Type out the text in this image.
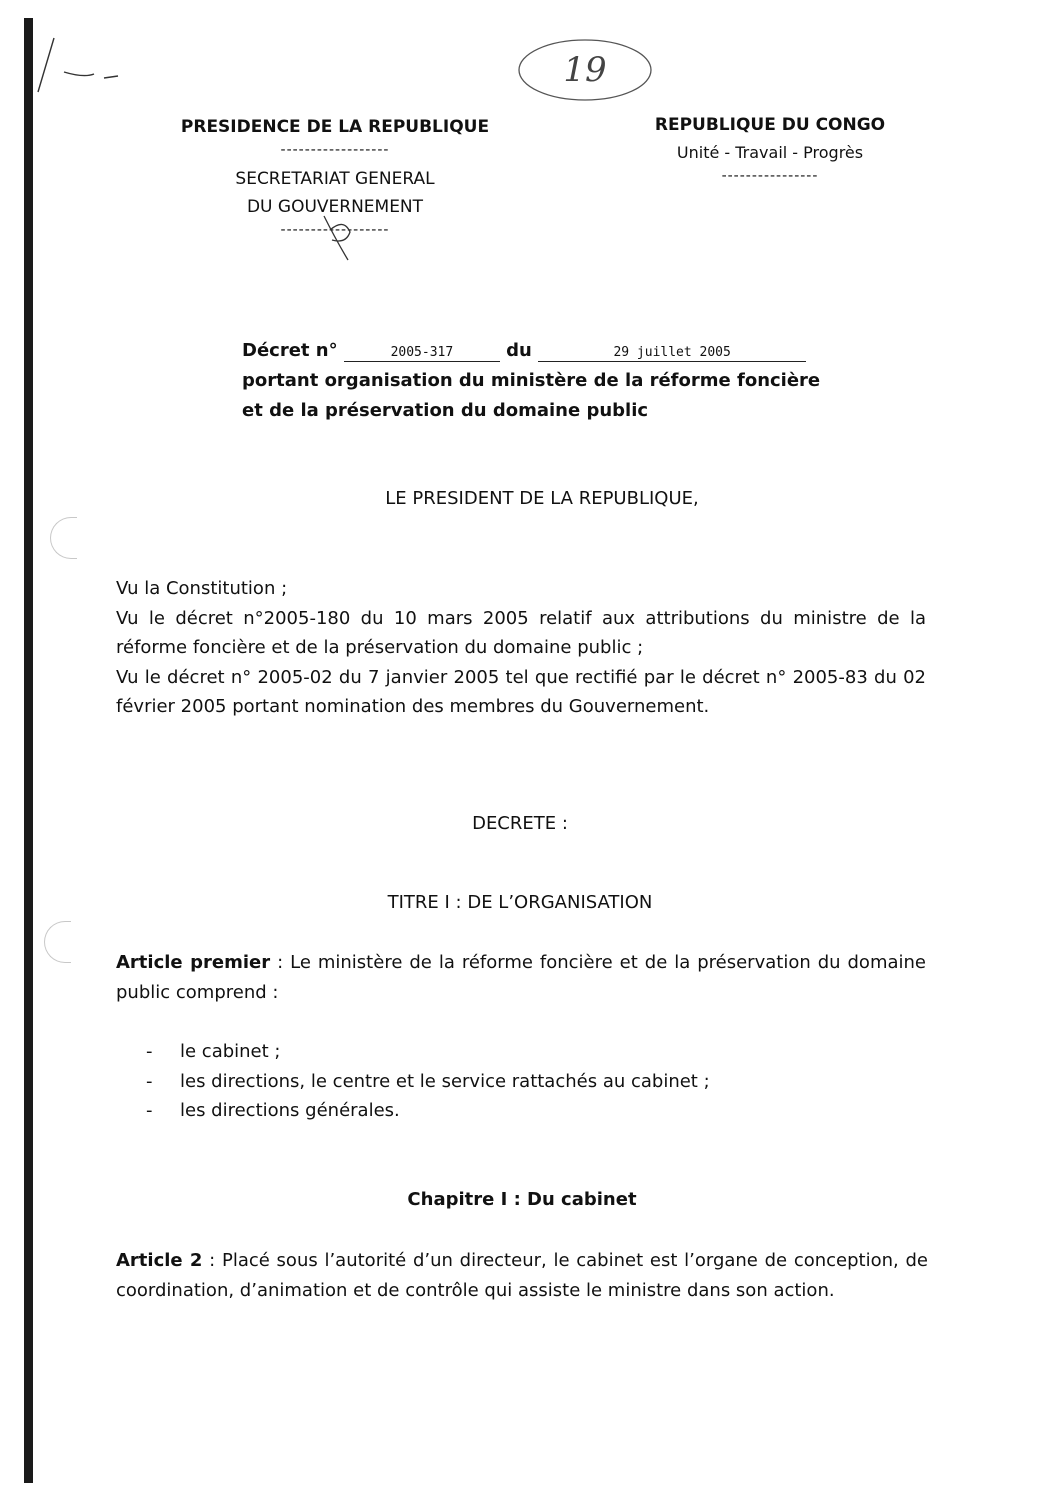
19
PRESIDENCE DE LA REPUBLIQUE
------------------
SECRETARIAT GENERAL
DU GOUVERNEMENT
------------------
REPUBLIQUE DU CONGO
Unité - Travail - Progrès
----------------
Décret n°	2005-317	du	29 juillet 2005
portant organisation du ministère de la réforme foncière
et de la préservation du domaine public
LE PRESIDENT DE LA REPUBLIQUE,
Vu la Constitution ;
Vu le décret n°2005-180 du 10 mars 2005 relatif aux attributions du ministre de la réforme foncière et de la préservation du domaine public ;
Vu le décret n° 2005-02 du 7 janvier 2005 tel que rectifié par le décret n° 2005-83 du 02 février 2005 portant nomination des membres du Gouvernement.
DECRETE :
TITRE I : DE L’ORGANISATION
Article premier : Le ministère de la réforme foncière et de la préservation du domaine public comprend :
- le cabinet ;
- les directions, le centre et le service rattachés au cabinet ;
- les directions générales.
Chapitre I : Du cabinet
Article 2 : Placé sous l’autorité d’un directeur, le cabinet est l’organe de conception, de coordination, d’animation et de contrôle qui assiste le ministre dans son action.
